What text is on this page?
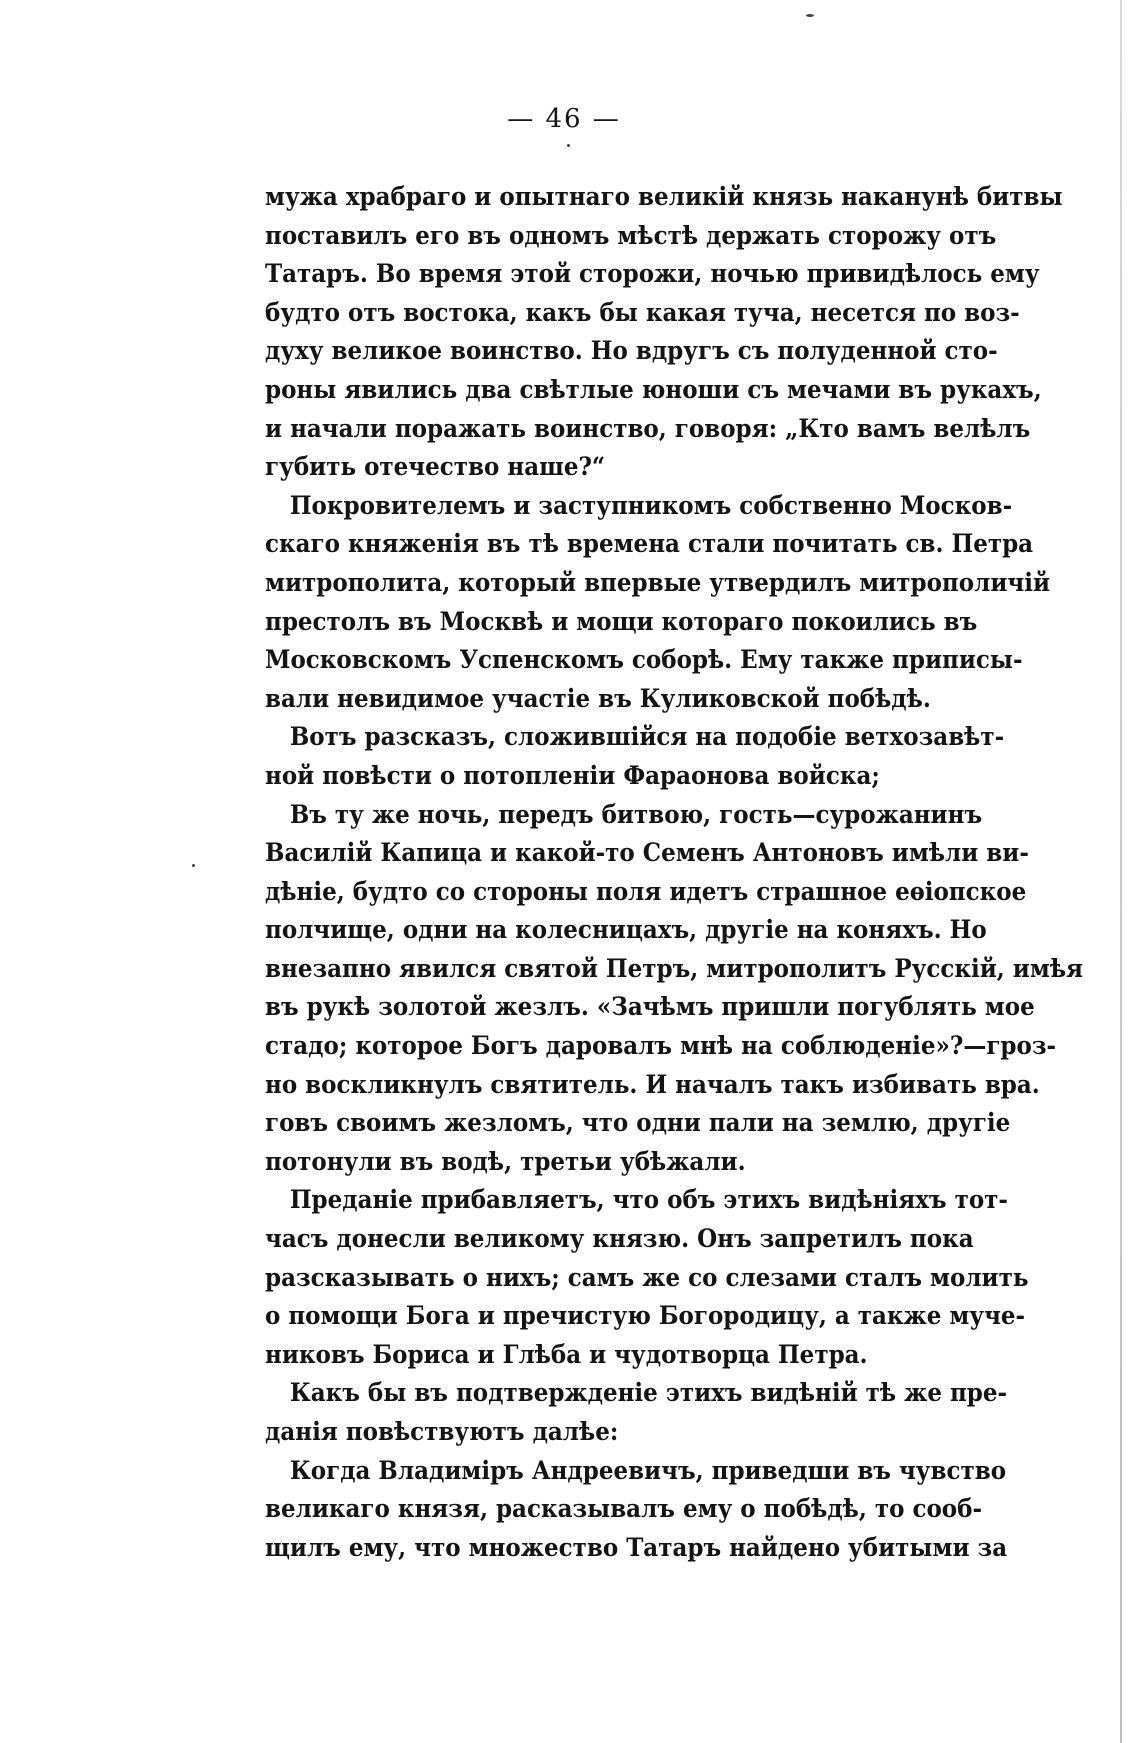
— 46 —
мужа храбраго и опытнаго великій князь наканунѣ битвы
поставилъ его въ одномъ мѣстѣ держать сторожу отъ
Татаръ. Во время этой сторожи, ночью привидѣлось ему
будто отъ востока, какъ бы какая туча, несется по воз-
духу великое воинство. Но вдругъ съ полуденной сто-
роны явились два свѣтлые юноши съ мечами въ рукахъ,
и начали поражать воинство, говоря: „Кто вамъ велѣлъ
губить отечество наше?“
Покровителемъ и заступникомъ собственно Москов-
скаго княженія въ тѣ времена стали почитать св. Петра
митрополита, который впервые утвердилъ митрополичій
престолъ въ Москвѣ и мощи котораго покоились въ
Московскомъ Успенскомъ соборѣ. Ему также приписы-
вали невидимое участіе въ Куликовской побѣдѣ.
Вотъ разсказъ, сложившійся на подобіе ветхозавѣт-
ной повѣсти о потопленіи Фараонова войска;
Въ ту же ночь, передъ битвою, гость—сурожанинъ
Василій Капица и какой-то Семенъ Антоновъ имѣли ви-
дѣніе, будто со стороны поля идетъ страшное еѳіопское
полчище, одни на колесницахъ, другіе на коняхъ. Но
внезапно явился святой Петръ, митрополитъ Русскій, имѣя
въ рукѣ золотой жезлъ. «Зачѣмъ пришли погублять мое
стадо; которое Богъ даровалъ мнѣ на соблюденіе»?—гроз-
но воскликнулъ святитель. И началъ такъ избивать вра.
говъ своимъ жезломъ, что одни пали на землю, другіе
потонули въ водѣ, третьи убѣжали.
Преданіе прибавляетъ, что объ этихъ видѣніяхъ тот-
часъ донесли великому князю. Онъ запретилъ пока
разсказывать о нихъ; самъ же со слезами сталъ молить
о помощи Бога и пречистую Богородицу, а также муче-
никовъ Бориса и Глѣба и чудотворца Петра.
Какъ бы въ подтвержденіе этихъ видѣній тѣ же пре-
данія повѣствуютъ далѣе:
Когда Владиміръ Андреевичъ, приведши въ чувство
великаго князя, расказывалъ ему о побѣдѣ, то сооб-
щилъ ему, что множество Татаръ найдено убитыми за
